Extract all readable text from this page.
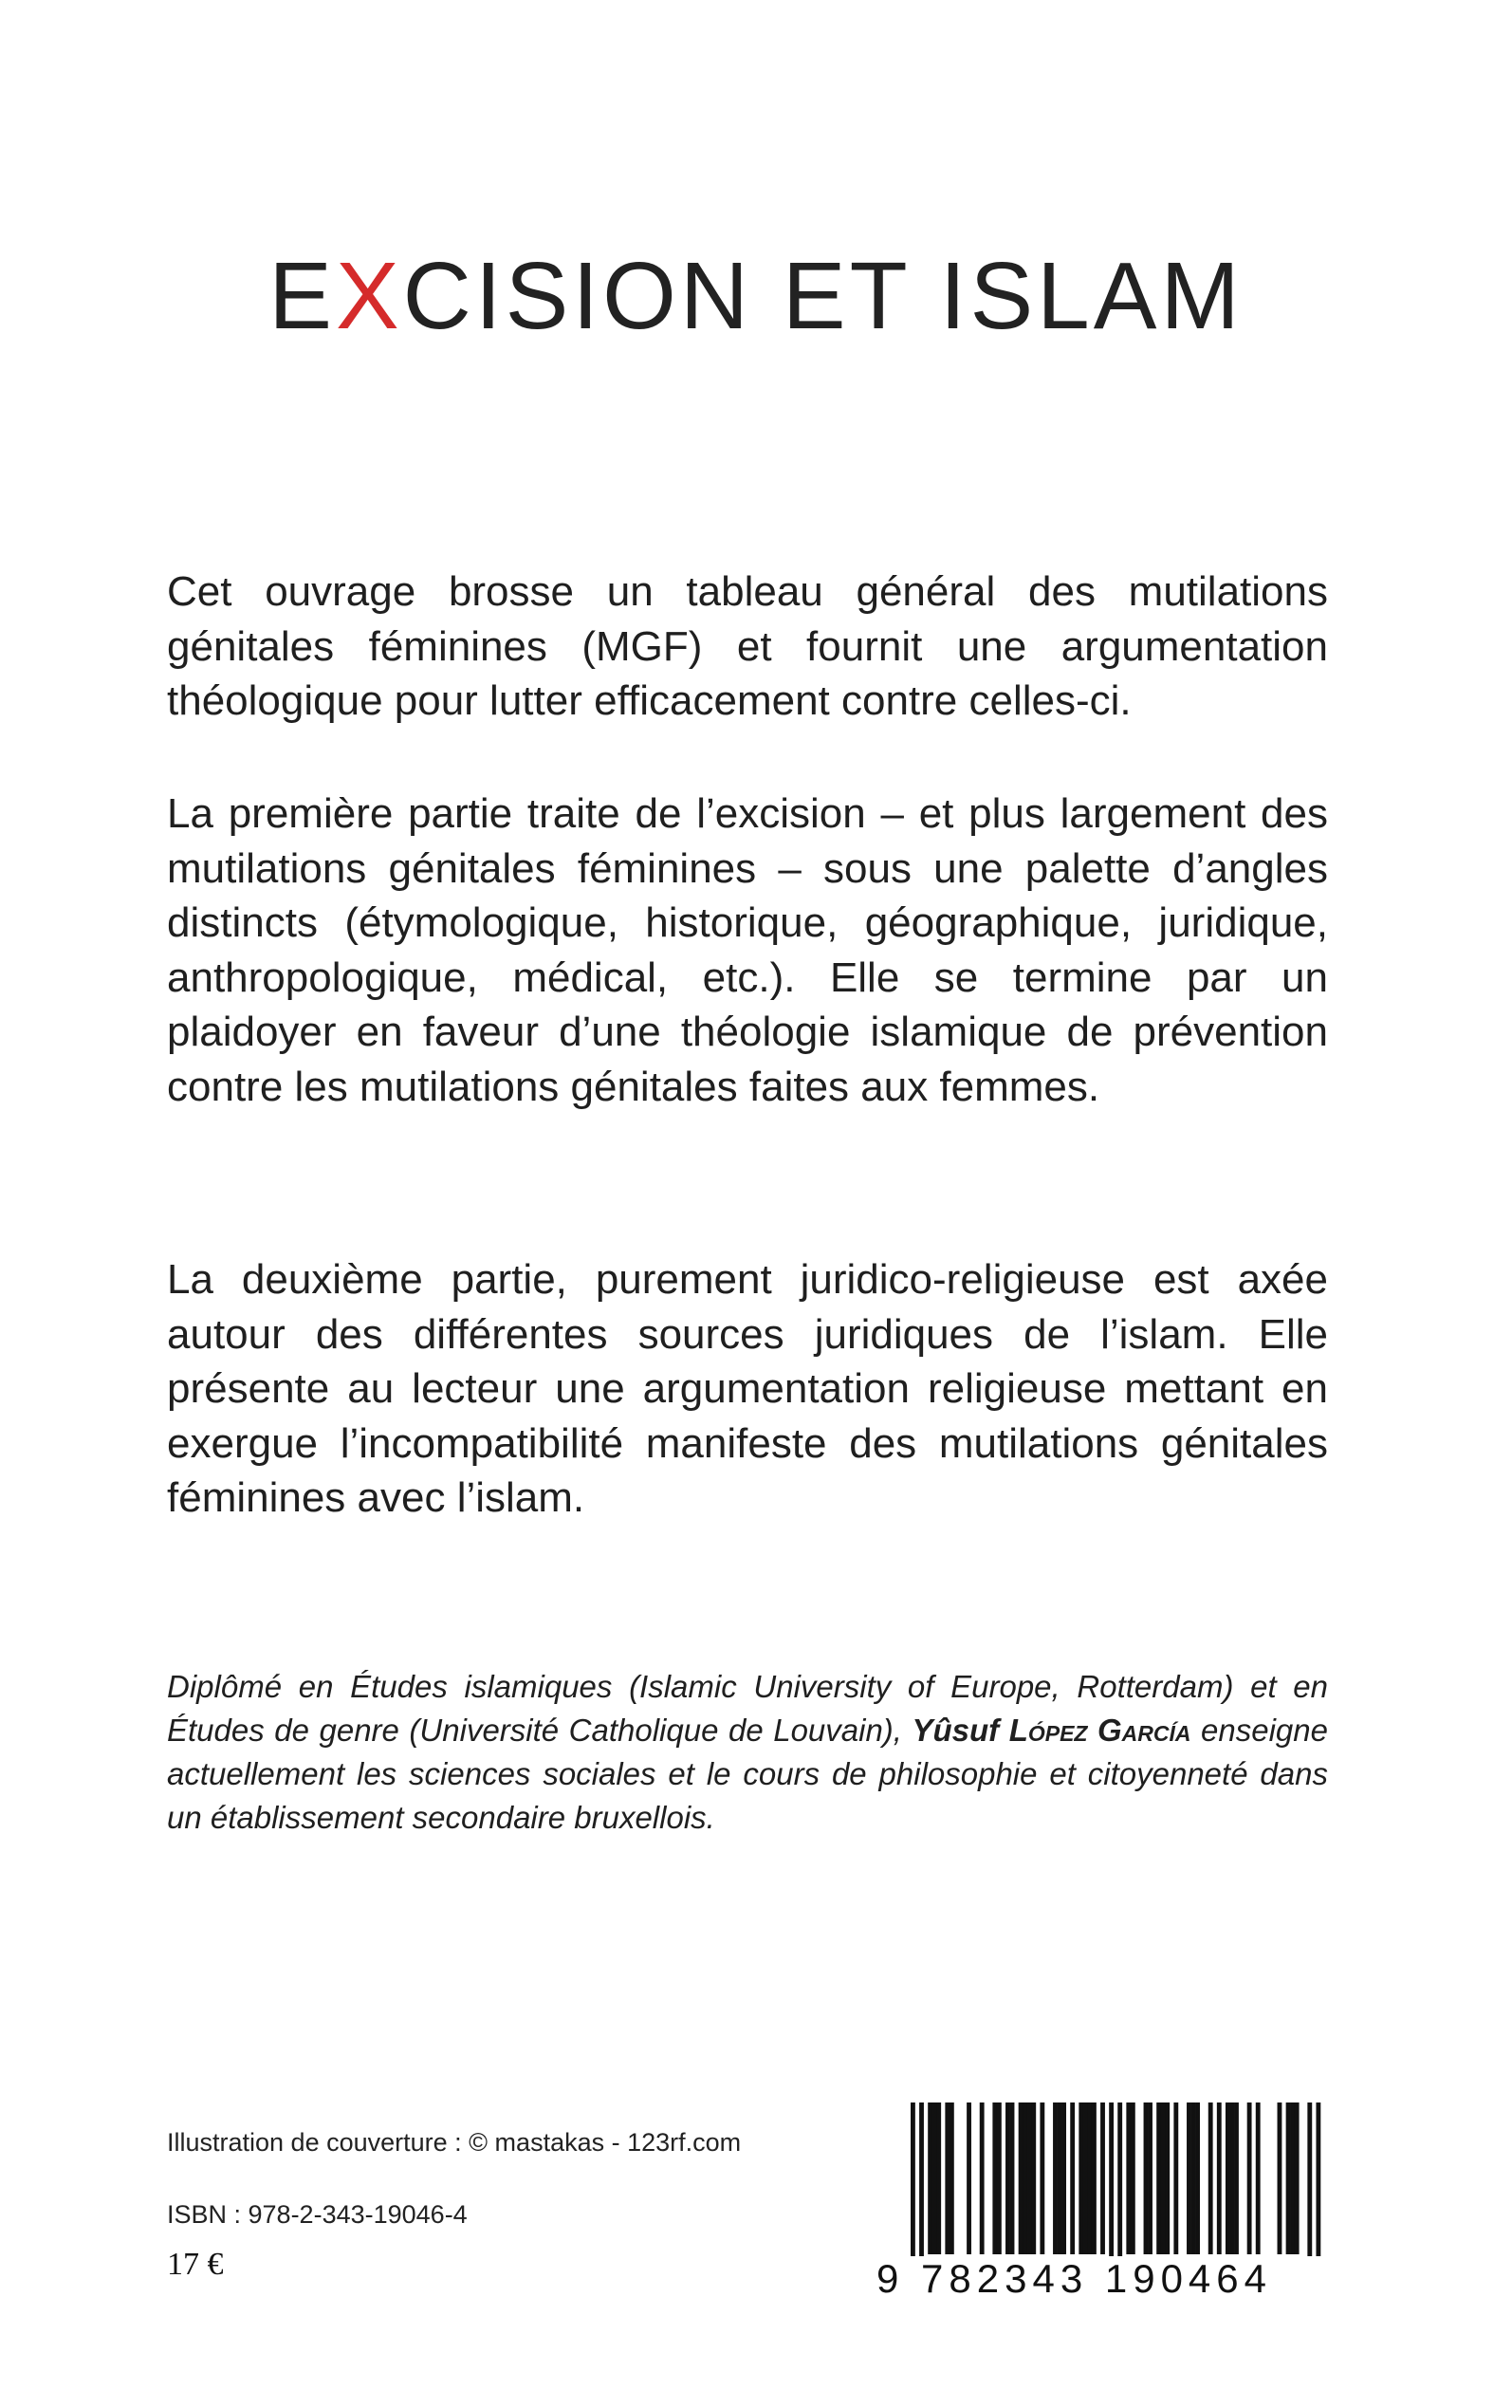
EXCISION ET ISLAM
Cet ouvrage brosse un tableau général des mutilations génitales féminines (MGF) et fournit une argumentation théologique pour lutter efficacement contre celles-ci.
La première partie traite de l’excision – et plus largement des mutilations génitales féminines – sous une palette d’angles distincts (étymologique, historique, géographique, juridique, anthropologique, médical, etc.). Elle se termine par un plaidoyer en faveur d’une théologie islamique de prévention contre les mutilations génitales faites aux femmes.
La deuxième partie, purement juridico-religieuse est axée autour des différentes sources juridiques de l’islam. Elle présente au lecteur une argumentation religieuse mettant en exergue l’incompatibilité manifeste des mutilations génitales féminines avec l’islam.
Diplômé en Études islamiques (Islamic University of Europe, Rotterdam) et en Études de genre (Université Catholique de Louvain), Yûsuf López García enseigne actuellement les sciences sociales et le cours de philosophie et citoyenneté dans un établissement secondaire bruxellois.
Illustration de couverture : © mastakas - 123rf.com
ISBN : 978-2-343-19046-4
17 €	9 782343 190464
